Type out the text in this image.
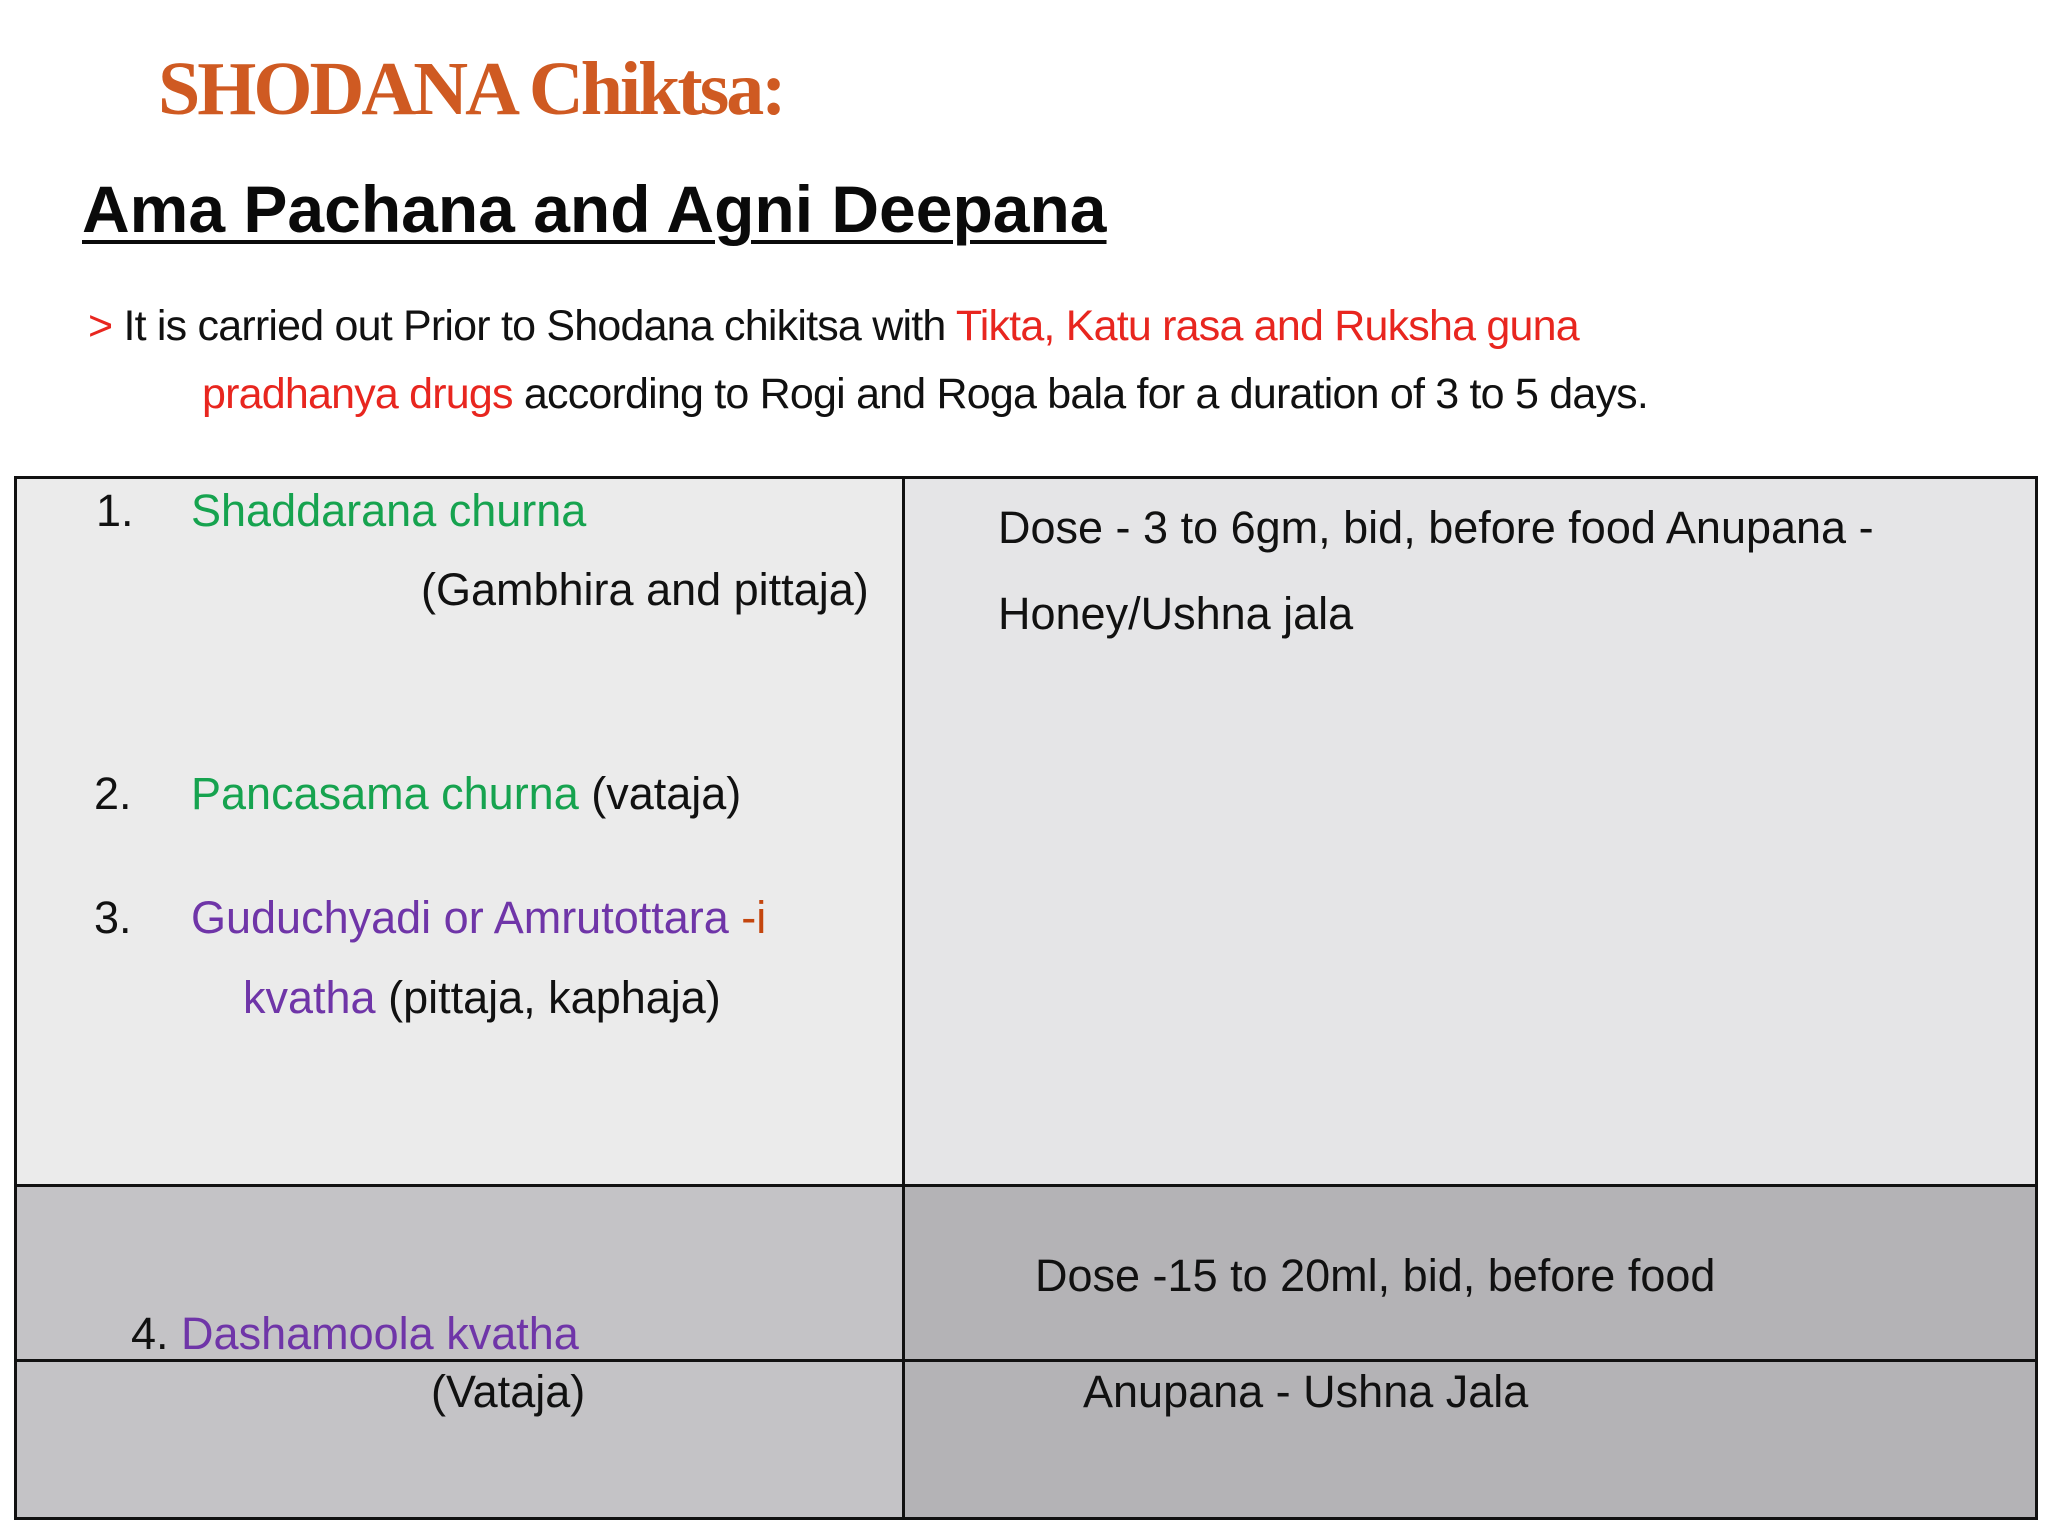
SHODANA Chiktsa:
Ama Pachana and Agni Deepana
> It is carried out Prior to Shodana chikitsa with Tikta, Katu rasa and Ruksha guna
pradhanya drugs according to Rogi and Roga bala for a duration of 3 to 5 days.
1. Shaddarana churna
(Gambhira and pittaja)
2. Pancasama churna (vataja)
3. Guduchyadi or Amrutottara -i
kvatha (pittaja, kaphaja)
Dose - 3 to 6gm, bid, before food Anupana -
Honey/Ushna jala
4. Dashamoola kvatha
(Vataja)
Dose -15 to 20ml, bid, before food
Anupana - Ushna Jala
